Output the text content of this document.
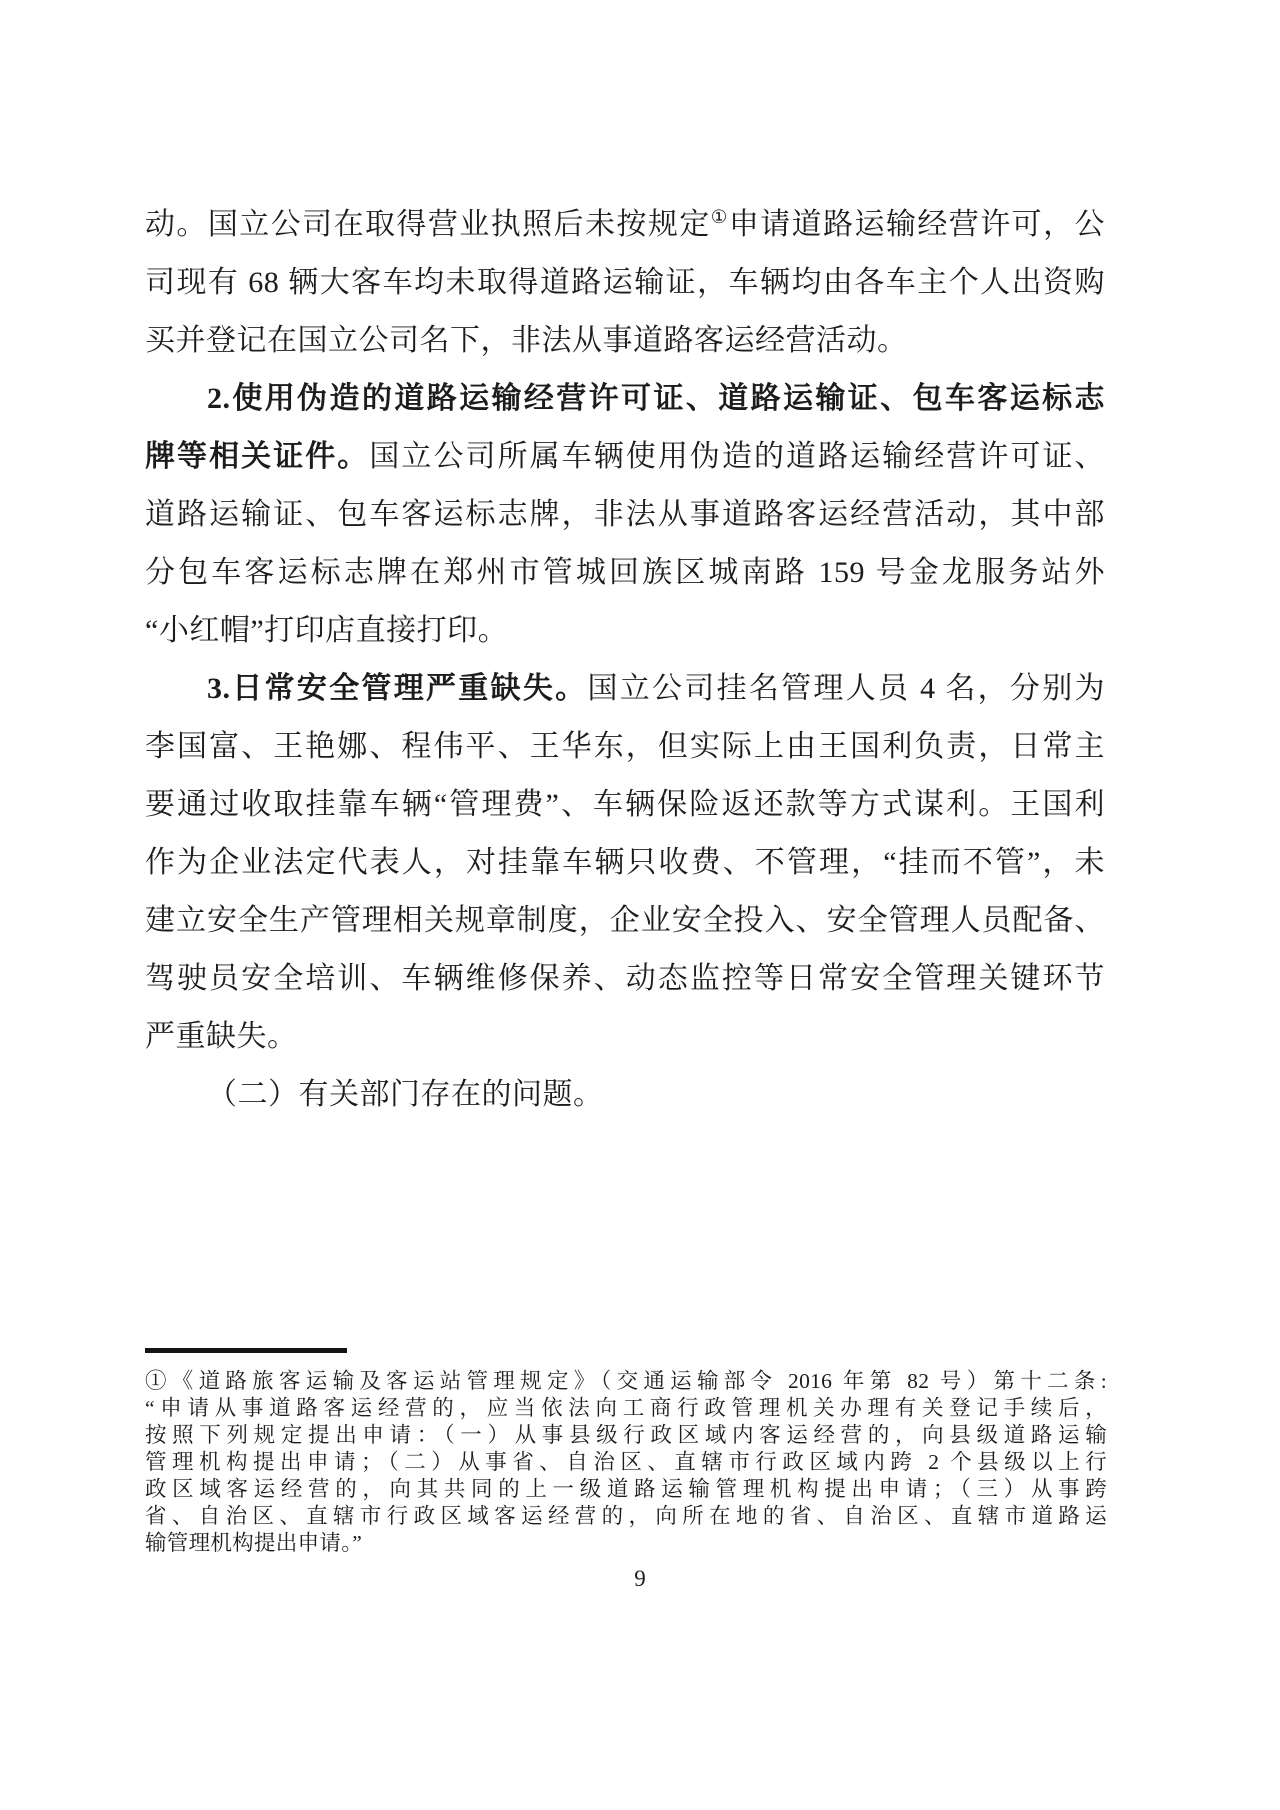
动。国立公司在取得营业执照后未按规定①申请道路运输经营许可，公
司现有 68 辆大客车均未取得道路运输证，车辆均由各车主个人出资购
买并登记在国立公司名下，非法从事道路客运经营活动。
2.使用伪造的道路运输经营许可证、道路运输证、包车客运标志
牌等相关证件。国立公司所属车辆使用伪造的道路运输经营许可证、
道路运输证、包车客运标志牌，非法从事道路客运经营活动，其中部
分包车客运标志牌在郑州市管城回族区城南路 159 号金龙服务站外
“小红帽”打印店直接打印。
3.日常安全管理严重缺失。国立公司挂名管理人员 4 名，分别为
李国富、王艳娜、程伟平、王华东，但实际上由王国利负责，日常主
要通过收取挂靠车辆“管理费”、车辆保险返还款等方式谋利。王国利
作为企业法定代表人，对挂靠车辆只收费、不管理，“挂而不管”，未
建立安全生产管理相关规章制度，企业安全投入、安全管理人员配备、
驾驶员安全培训、车辆维修保养、动态监控等日常安全管理关键环节
严重缺失。
（二）有关部门存在的问题。
①《道路旅客运输及客运站管理规定》（交通运输部令 2016 年第 82 号）第十二条:
“申请从事道路客运经营的，应当依法向工商行政管理机关办理有关登记手续后，
按照下列规定提出申请：（一）从事县级行政区域内客运经营的，向县级道路运输
管理机构提出申请；（二）从事省、自治区、直辖市行政区域内跨 2 个县级以上行
政区域客运经营的，向其共同的上一级道路运输管理机构提出申请；（三）从事跨
省、自治区、直辖市行政区域客运经营的，向所在地的省、自治区、直辖市道路运
输管理机构提出申请。”
9
